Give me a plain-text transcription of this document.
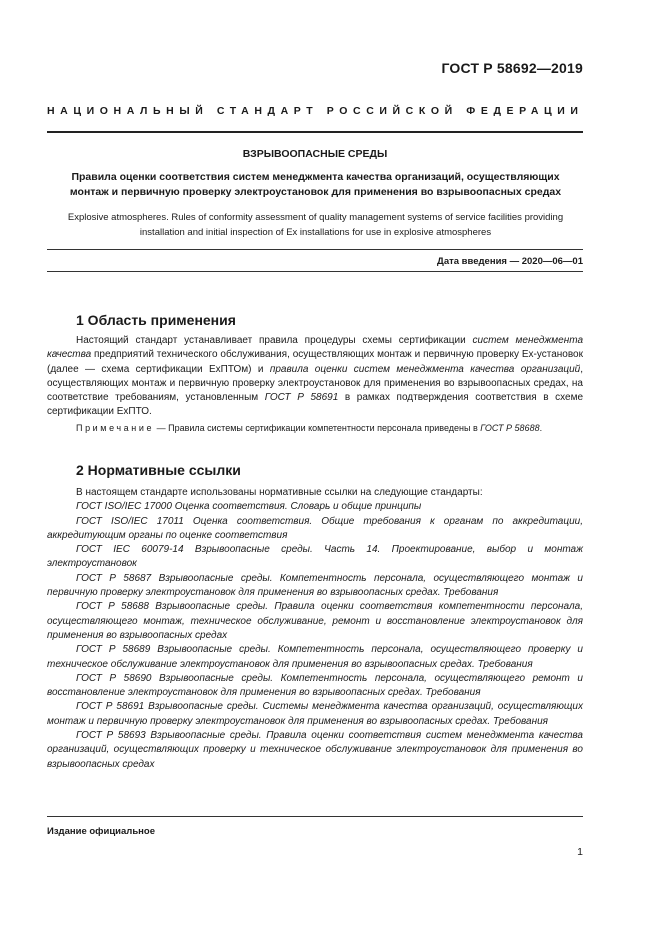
ГОСТ Р 58692—2019
НАЦИОНАЛЬНЫЙ СТАНДАРТ РОССИЙСКОЙ ФЕДЕРАЦИИ
ВЗРЫВООПАСНЫЕ СРЕДЫ
Правила оценки соответствия систем менеджмента качества организаций, осуществляющих монтаж и первичную проверку электроустановок для применения во взрывоопасных средах
Explosive atmospheres. Rules of conformity assessment of quality management systems of service facilities providing installation and initial inspection of Ex installations for use in explosive atmospheres
Дата введения — 2020—06—01
1 Область применения
Настоящий стандарт устанавливает правила процедуры схемы сертификации систем менеджмента качества предприятий технического обслуживания, осуществляющих монтаж и первичную проверку Ех-установок (далее — схема сертификации ExПТОм) и правила оценки систем менеджмента качества организаций, осуществляющих монтаж и первичную проверку электроустановок для применения во взрывоопасных средах, на соответствие требованиям, установленным ГОСТ Р 58691 в рамках подтверждения соответствия в схеме сертификации ExПТО.
Примечание — Правила системы сертификации компетентности персонала приведены в ГОСТ Р 58688.
2 Нормативные ссылки
В настоящем стандарте использованы нормативные ссылки на следующие стандарты:
ГОСТ ISO/IEC 17000 Оценка соответствия. Словарь и общие принципы
ГОСТ ISO/IEC 17011 Оценка соответствия. Общие требования к органам по аккредитации, аккредитующим органы по оценке соответствия
ГОСТ IEC 60079-14 Взрывоопасные среды. Часть 14. Проектирование, выбор и монтаж электроустановок
ГОСТ Р 58687 Взрывоопасные среды. Компетентность персонала, осуществляющего монтаж и первичную проверку электроустановок для применения во взрывоопасных средах. Требования
ГОСТ Р 58688 Взрывоопасные среды. Правила оценки соответствия компетентности персонала, осуществляющего монтаж, техническое обслуживание, ремонт и восстановление электроустановок для применения во взрывоопасных средах
ГОСТ Р 58689 Взрывоопасные среды. Компетентность персонала, осуществляющего проверку и техническое обслуживание электроустановок для применения во взрывоопасных средах. Требования
ГОСТ Р 58690 Взрывоопасные среды. Компетентность персонала, осуществляющего ремонт и восстановление электроустановок для применения во взрывоопасных средах. Требования
ГОСТ Р 58691 Взрывоопасные среды. Системы менеджмента качества организаций, осуществляющих монтаж и первичную проверку электроустановок для применения во взрывоопасных средах. Требования
ГОСТ Р 58693 Взрывоопасные среды. Правила оценки соответствия систем менеджмента качества организаций, осуществляющих проверку и техническое обслуживание электроустановок для применения во взрывоопасных средах
Издание официальное
1
